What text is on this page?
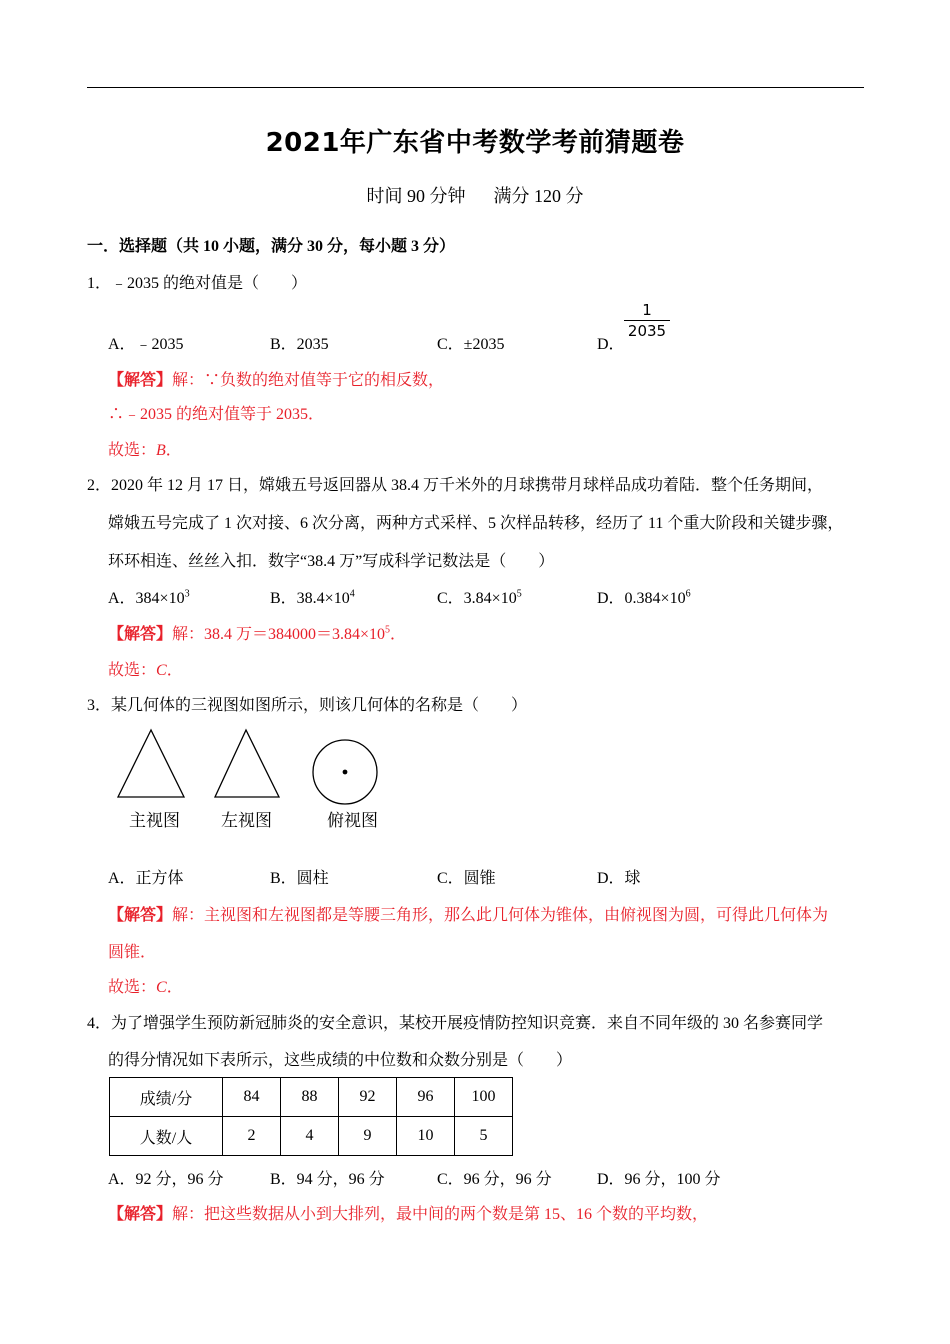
2021年广东省中考数学考前猜题卷
时间 90 分钟 满分 120 分
一．选择题（共 10 小题，满分 30 分，每小题 3 分）
1．﹣2035 的绝对值是（　　）
A．﹣2035	B．2035	C．±2035	D．
1
2035
【解答】解：∵负数的绝对值等于它的相反数，
∴﹣2035 的绝对值等于 2035．
故选：B．
2．2020 年 12 月 17 日，嫦娥五号返回器从 38.4 万千米外的月球携带月球样品成功着陆．整个任务期间，
嫦娥五号完成了 1 次对接、6 次分离，两种方式采样、5 次样品转移，经历了 11 个重大阶段和关键步骤，
环环相连、丝丝入扣．数字“38.4 万”写成科学记数法是（　　）
A．$384\times 10^3$	B．$38.4\times 10^4$	C．$3.84\times 10^5$	D．$0.384\times 10^6$
【解答】解：38.4 万$=384000=3.84\times 10^5$．
故选：C．
3．某几何体的三视图如图所示，则该几何体的名称是（　　）
主视图 左视图	俯视图
A．正方体	B．圆柱	C．圆锥	D．球
【解答】解：主视图和左视图都是等腰三角形，那么此几何体为锥体，由俯视图为圆，可得此几何体为
圆锥．
故选：C．
4．为了增强学生预防新冠肺炎的安全意识，某校开展疫情防控知识竞赛．来自不同年级的 30 名参赛同学
的得分情况如下表所示，这些成绩的中位数和众数分别是（　　）
成绩/分	84	88	92	96	100
人数/人	2	4	9	10	5
A．92 分，96 分	B．94 分，96 分	C．96 分，96 分	D．96 分，100 分
【解答】解：把这些数据从小到大排列，最中间的两个数是第 15、16 个数的平均数，
